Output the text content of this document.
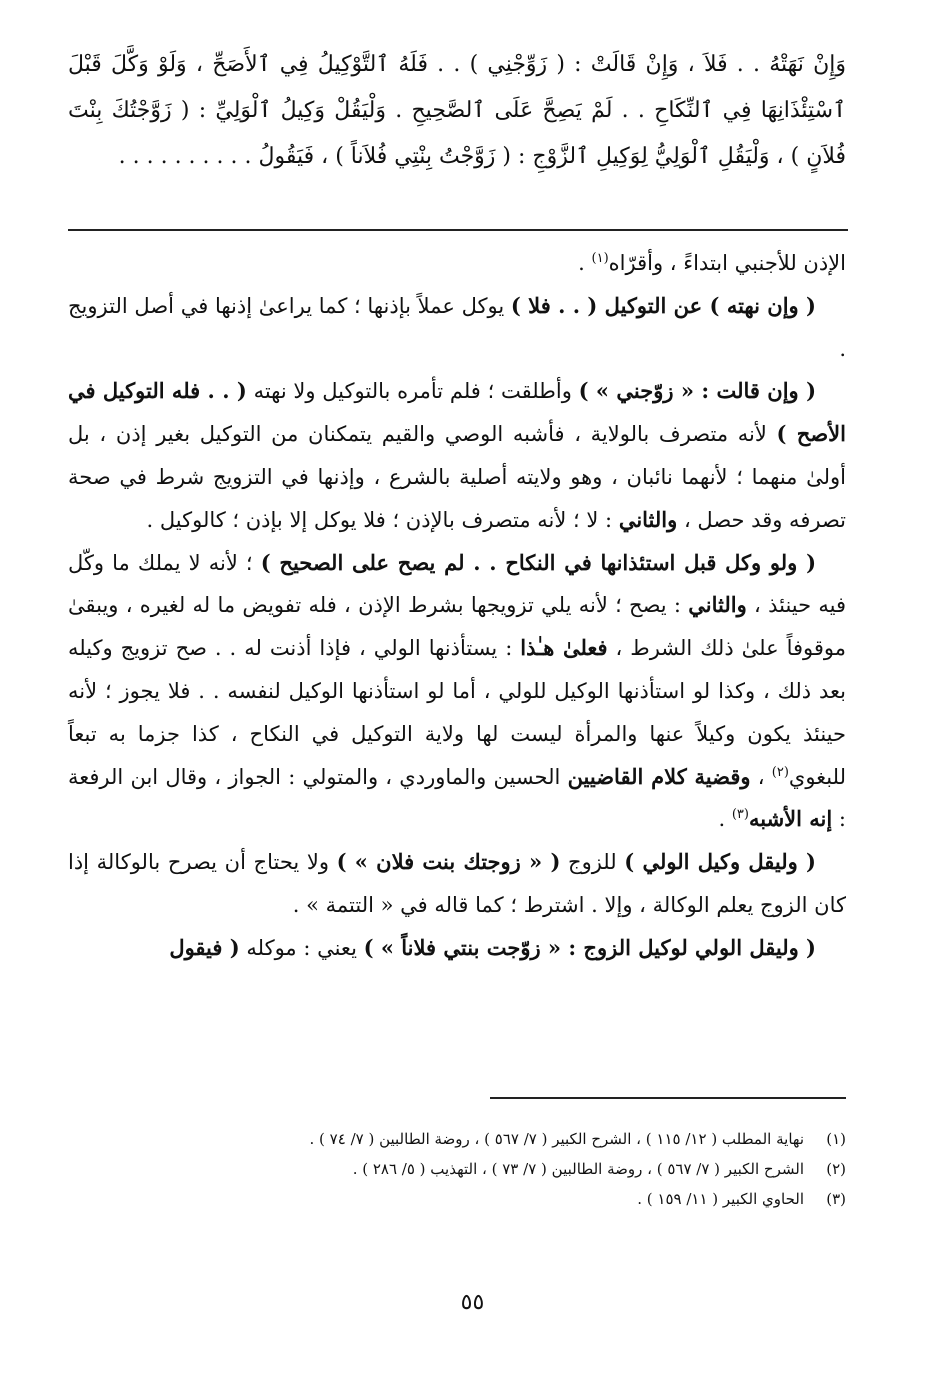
وَإِنْ نَهَتْهُ . . فَلاَ ، وَإِنْ قَالَتْ : ( زَوِّجْنِي ) . . فَلَهُ ٱلتَّوْكِيلُ فِي ٱلأَصَحِّ ، وَلَوْ وَكَّلَ قَبْلَ ٱسْتِئْذَانِهَا فِي ٱلنِّكَاحِ . . لَمْ يَصِحَّ عَلَى ٱلصَّحِيحِ . وَلْيَقُلْ وَكِيلُ ٱلْوَلِيِّ : ( زَوَّجْتُكَ بِنْتَ فُلاَنٍ ) ، وَلْيَقُلِ ٱلْوَلِيُّ لِوَكِيلِ ٱلزَّوْجِ : ( زَوَّجْتُ بِنْتِي فُلاَناً ) ، فَيَقُولُ . . . . . . . . . .

الإذن للأجنبي ابتداءً ، وأقرّاه$^{(١)}$ .

( وإن نهته ) عن التوكيل ( . . فلا ) يوكل عملاً بإذنها ؛ كما يراعىٰ إذنها في أصل التزويج .

( وإن قالت : « زوّجني » ) وأطلقت ؛ فلم تأمره بالتوكيل ولا نهته ( . . فله التوكيل في الأصح ) لأنه متصرف بالولاية ، فأشبه الوصي والقيم يتمكنان من التوكيل بغير إذن ، بل أولىٰ منهما ؛ لأنهما نائبان ، وهو ولايته أصلية بالشرع ، وإذنها في التزويج شرط في صحة تصرفه وقد حصل ، والثاني : لا ؛ لأنه متصرف بالإذن ؛ فلا يوكل إلا بإذن ؛ كالوكيل .

( ولو وكل قبل استئذانها في النكاح . . لم يصح على الصحيح ) ؛ لأنه لا يملك ما وكّل فيه حينئذ ، والثاني : يصح ؛ لأنه يلي تزويجها بشرط الإذن ، فله تفويض ما له لغيره ، ويبقىٰ موقوفاً علىٰ ذلك الشرط ، فعلىٰ هـٰذا : يستأذنها الولي ، فإذا أذنت له . . صح تزويج وكيله بعد ذلك ، وكذا لو استأذنها الوكيل للولي ، أما لو استأذنها الوكيل لنفسه . . فلا يجوز ؛ لأنه حينئذ يكون وكيلاً عنها والمرأة ليست لها ولاية التوكيل في النكاح ، كذا جزما به تبعاً للبغوي$^{(٢)}$ ، وقضية كلام القاضيين الحسين والماوردي ، والمتولي : الجواز ، وقال ابن الرفعة : إنه الأشبه$^{(٣)}$ .

( وليقل وكيل الولي ) للزوج ( « زوجتك بنت فلان » ) ولا يحتاج أن يصرح بالوكالة إذا كان الزوج يعلم الوكالة ، وإلا . اشترط ؛ كما قاله في « التتمة » .

( وليقل الولي لوكيل الزوج : « زوّجت بنتي فلاناً » ) يعني : موكله ( فيقول

(١)نهاية المطلب ( ١٢/ ١١٥ ) ، الشرح الكبير ( ٧/ ٥٦٧ ) ، روضة الطالبين ( ٧/ ٧٤ ) .
(٢)الشرح الكبير ( ٧/ ٥٦٧ ) ، روضة الطالبين ( ٧/ ٧٣ ) ، التهذيب ( ٥/ ٢٨٦ ) .
(٣)الحاوي الكبير ( ١١/ ١٥٩ ) .
٥٥
